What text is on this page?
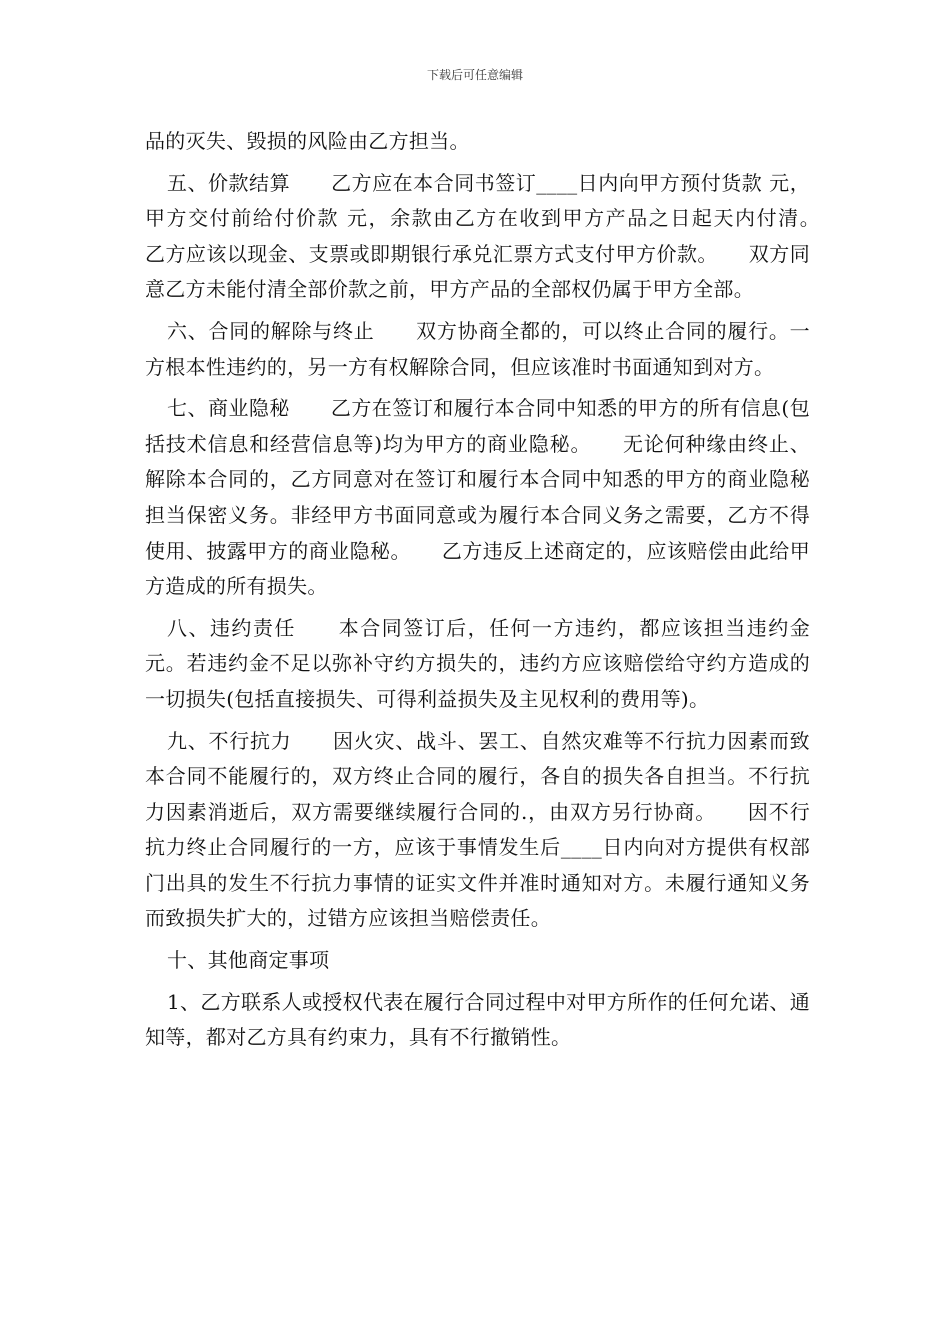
下载后可任意编辑

品的灭失、毁损的风险由乙方担当。

五、价款结算　　乙方应在本合同书签订____日内向甲方预付货款 元，甲方交付前给付价款 元，余款由乙方在收到甲方产品之日起天内付清。　　乙方应该以现金、支票或即期银行承兑汇票方式支付甲方价款。　　双方同意乙方未能付清全部价款之前，甲方产品的全部权仍属于甲方全部。

六、合同的解除与终止　　双方协商全都的，可以终止合同的履行。一方根本性违约的，另一方有权解除合同，但应该准时书面通知到对方。

七、商业隐秘　　乙方在签订和履行本合同中知悉的甲方的所有信息(包括技术信息和经营信息等)均为甲方的商业隐秘。　　无论何种缘由终止、解除本合同的，乙方同意对在签订和履行本合同中知悉的甲方的商业隐秘担当保密义务。非经甲方书面同意或为履行本合同义务之需要，乙方不得使用、披露甲方的商业隐秘。　　乙方违反上述商定的，应该赔偿由此给甲方造成的所有损失。

八、违约责任　　本合同签订后，任何一方违约，都应该担当违约金　　元。若违约金不足以弥补守约方损失的，违约方应该赔偿给守约方造成的一切损失(包括直接损失、可得利益损失及主见权利的费用等)。

九、不行抗力　　因火灾、战斗、罢工、自然灾难等不行抗力因素而致本合同不能履行的，双方终止合同的履行，各自的损失各自担当。不行抗力因素消逝后，双方需要继续履行合同的.，由双方另行协商。　　因不行抗力终止合同履行的一方，应该于事情发生后____日内向对方提供有权部门出具的发生不行抗力事情的证实文件并准时通知对方。未履行通知义务而致损失扩大的，过错方应该担当赔偿责任。

十、其他商定事项

1、乙方联系人或授权代表在履行合同过程中对甲方所作的任何允诺、通知等，都对乙方具有约束力，具有不行撤销性。
